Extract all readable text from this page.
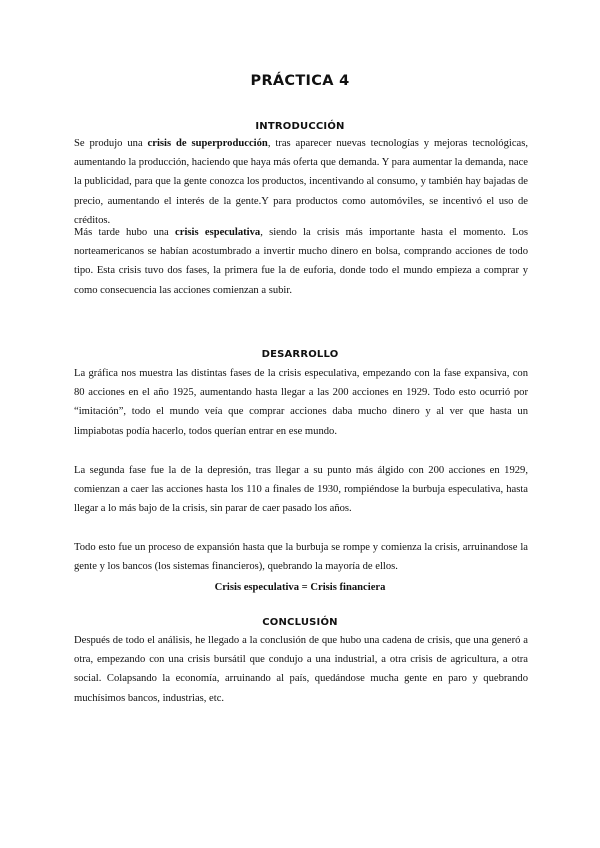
PRÁCTICA 4
INTRODUCCIÓN

Se produjo una crisis de superproducción, tras aparecer nuevas tecnologías y mejoras tecnológicas, aumentando la producción, haciendo que haya más oferta que demanda. Y para aumentar la demanda, nace la publicidad, para que la gente conozca los productos, incentivando al consumo, y también hay bajadas de precio, aumentando el interés de la gente.Y para productos como automóviles, se incentivó el uso de créditos.

Más tarde hubo una crisis especulativa, siendo la crisis más importante hasta el momento. Los norteamericanos se habían acostumbrado a invertir mucho dinero en bolsa, comprando acciones de todo tipo. Esta crisis tuvo dos fases, la primera fue la de euforia, donde todo el mundo empieza a comprar y como consecuencia las acciones comienzan a subir.

DESARROLLO

La gráfica nos muestra las distintas fases de la crisis especulativa, empezando con la fase expansiva, con 80 acciones en el año 1925, aumentando hasta llegar a las 200 acciones en 1929. Todo esto ocurrió por “imitación”, todo el mundo veía que comprar acciones daba mucho dinero y al ver que hasta un limpiabotas podía hacerlo, todos querían entrar en ese mundo.

La segunda fase fue la de la depresión, tras llegar a su punto más álgido con 200 acciones en 1929, comienzan a caer las acciones hasta los 110 a finales de 1930, rompiéndose la burbuja especulativa, hasta llegar a lo más bajo de la crisis, sin parar de caer pasado los años.

Todo esto fue un proceso de expansión hasta que la burbuja se rompe y comienza la crisis, arruinandose la gente y los bancos (los sistemas financieros), quebrando la mayoría de ellos.

Crisis especulativa = Crisis financiera
CONCLUSIÓN

Después de todo el análisis, he llegado a la conclusión de que hubo una cadena de crisis, que una generó a otra, empezando con una crisis bursátil que condujo a una industrial, a otra crisis de agricultura, a otra social. Colapsando la economía, arruinando al país, quedándose mucha gente en paro y quebrando muchísimos bancos, industrias, etc.
